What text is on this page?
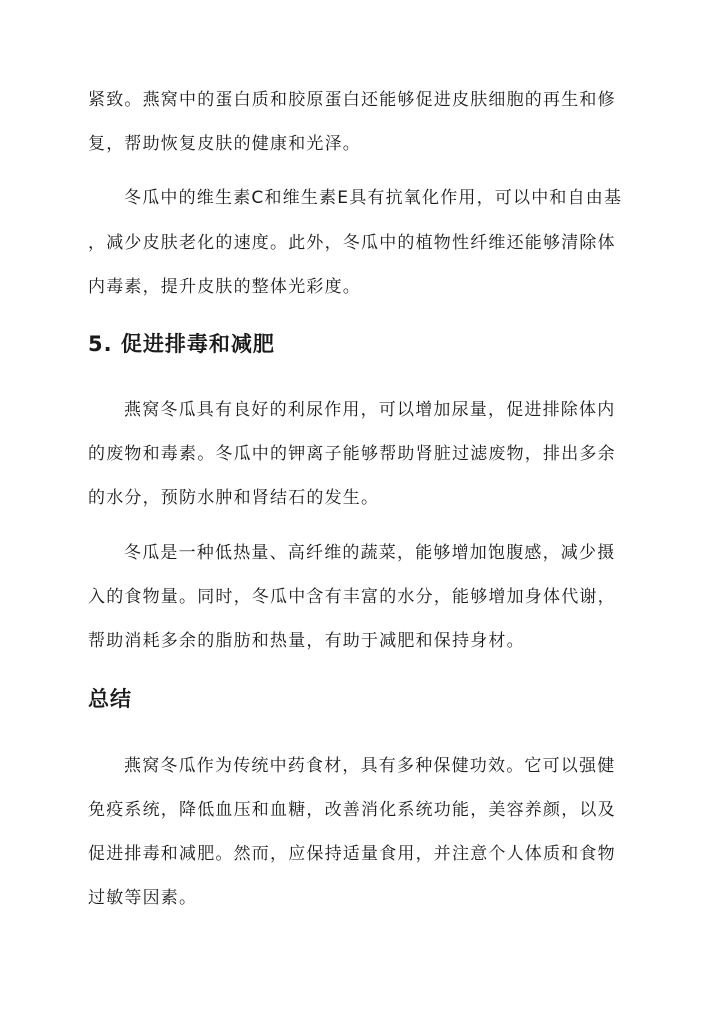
紧致。燕窝中的蛋白质和胶原蛋白还能够促进皮肤细胞的再生和修
复，帮助恢复皮肤的健康和光泽。
冬瓜中的维生素C和维生素E具有抗氧化作用，可以中和自由基
，减少皮肤老化的速度。此外，冬瓜中的植物性纤维还能够清除体
内毒素，提升皮肤的整体光彩度。
5. 促进排毒和减肥
燕窝冬瓜具有良好的利尿作用，可以增加尿量，促进排除体内
的废物和毒素。冬瓜中的钾离子能够帮助肾脏过滤废物，排出多余
的水分，预防水肿和肾结石的发生。
冬瓜是一种低热量、高纤维的蔬菜，能够增加饱腹感，减少摄
入的食物量。同时，冬瓜中含有丰富的水分，能够增加身体代谢，
帮助消耗多余的脂肪和热量，有助于减肥和保持身材。
总结
燕窝冬瓜作为传统中药食材，具有多种保健功效。它可以强健
免疫系统，降低血压和血糖，改善消化系统功能，美容养颜，以及
促进排毒和减肥。然而，应保持适量食用，并注意个人体质和食物
过敏等因素。
